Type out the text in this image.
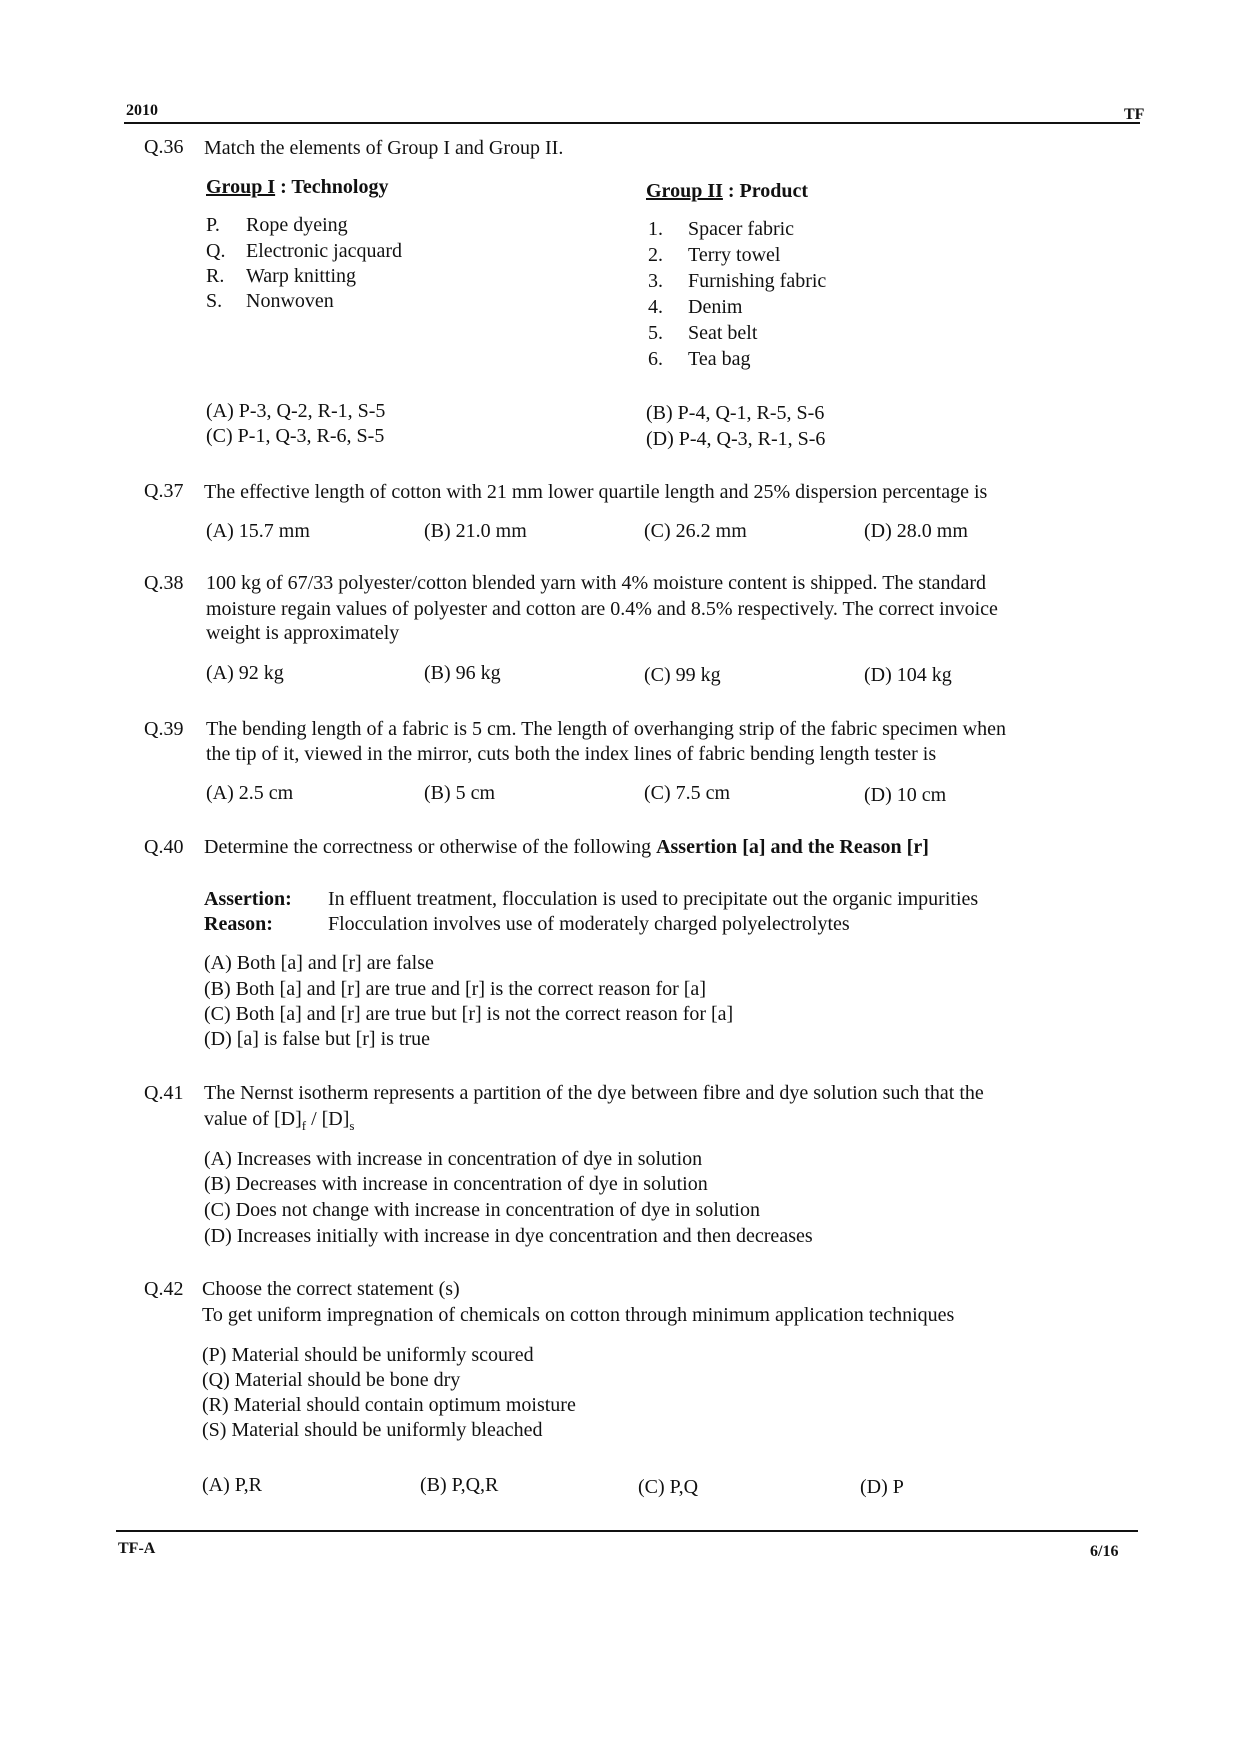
2010	TF
Q.36 Match the elements of Group I and Group II.
Group I : Technology	Group II : Product
P. Rope dyeing
Q. Electronic jacquard
R. Warp knitting
S. Nonwoven
1. Spacer fabric
2. Terry towel
3. Furnishing fabric
4. Denim
5. Seat belt
6. Tea bag
(A) P-3, Q-2, R-1, S-5	(B) P-4, Q-1, R-5, S-6
(C) P-1, Q-3, R-6, S-5	(D) P-4, Q-3, R-1, S-6
Q.37 The effective length of cotton with 21 mm lower quartile length and 25% dispersion percentage is
(A) 15.7 mm	(B) 21.0 mm	(C) 26.2 mm	(D) 28.0 mm
Q.38 100 kg of 67/33 polyester/cotton blended yarn with 4% moisture content is shipped. The standard
moisture regain values of polyester and cotton are 0.4% and 8.5% respectively. The correct invoice
weight is approximately
(A) 92 kg	(B) 96 kg	(C) 99 kg	(D) 104 kg
Q.39 The bending length of a fabric is 5 cm. The length of overhanging strip of the fabric specimen when
the tip of it, viewed in the mirror, cuts both the index lines of fabric bending length tester is
(A) 2.5 cm	(B) 5 cm	(C) 7.5 cm	(D) 10 cm
Q.40 Determine the correctness or otherwise of the following Assertion [a] and the Reason [r]
Assertion: In effluent treatment, flocculation is used to precipitate out the organic impurities
Reason:	Flocculation involves use of moderately charged polyelectrolytes
(A) Both [a] and [r] are false
(B) Both [a] and [r] are true and [r] is the correct reason for [a]
(C) Both [a] and [r] are true but [r] is not the correct reason for [a]
(D) [a] is false but [r] is true
Q.41 The Nernst isotherm represents a partition of the dye between fibre and dye solution such that the
value of $[D]_f / [D]_s$
(A) Increases with increase in concentration of dye in solution
(B) Decreases with increase in concentration of dye in solution
(C) Does not change with increase in concentration of dye in solution
(D) Increases initially with increase in dye concentration and then decreases
Q.42 Choose the correct statement (s)
To get uniform impregnation of chemicals on cotton through minimum application techniques
(P) Material should be uniformly scoured
(Q) Material should be bone dry
(R) Material should contain optimum moisture
(S) Material should be uniformly bleached
(A) P,R	(B) P,Q,R	(C) P,Q	(D) P
TF-A	6/16
